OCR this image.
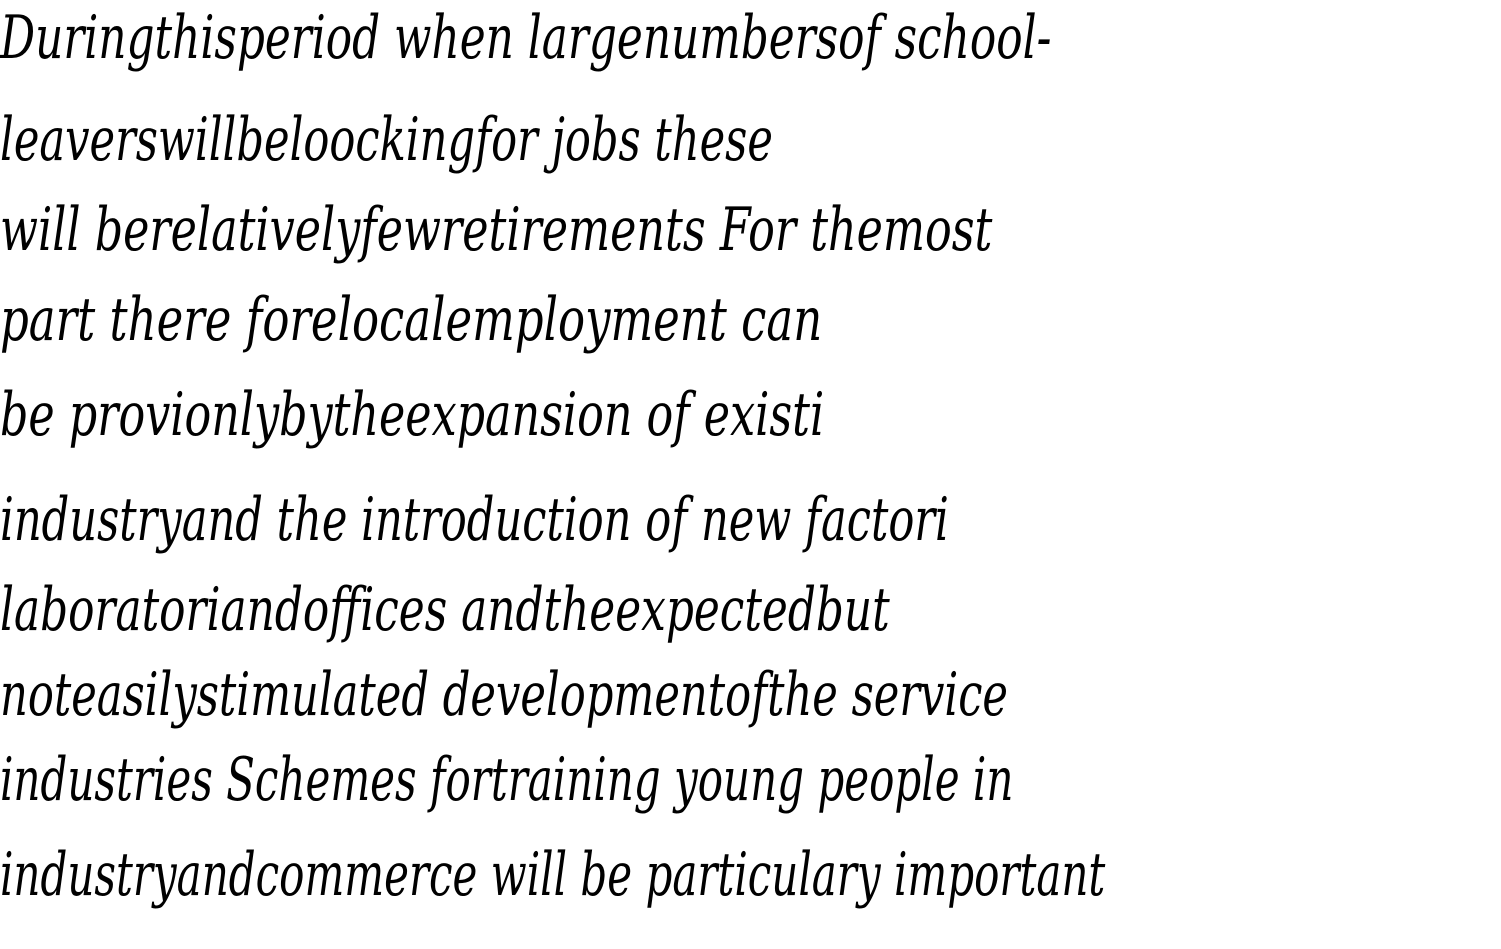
Duringthisperiod when largenumbersof school-
leaverswillbeloockingfor jobs these
will berelativelyfewretirements For themost
part there forelocalemployment can
be provionlybytheexpansion of existi
industryand the introduction of new factori
laboratoriandoffices andtheexpectedbut
noteasilystimulated developmentofthe service
industries Schemes fortraining young people in
industryandcommerce will be particulary important
